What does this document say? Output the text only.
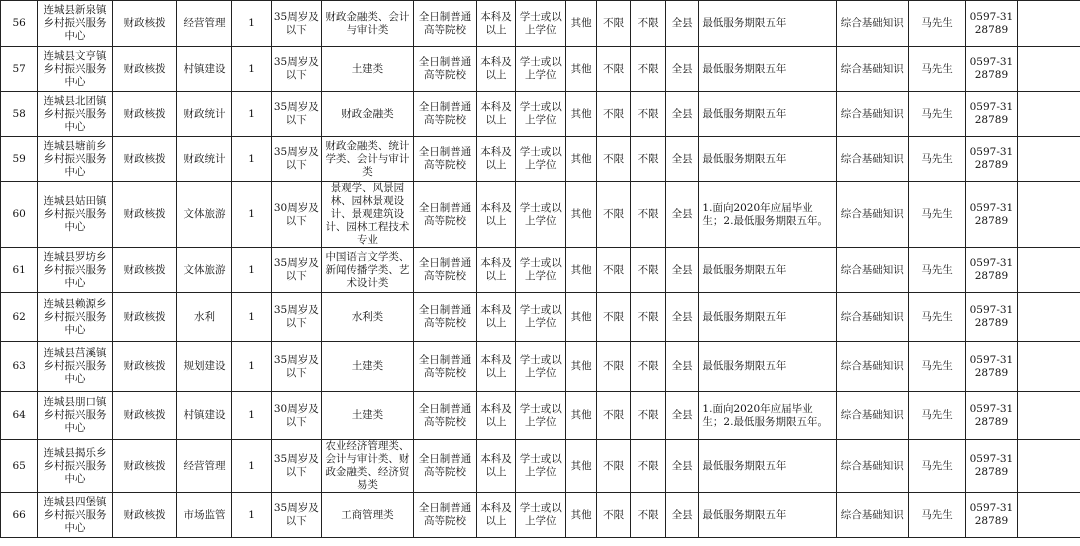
56	连城县新泉镇乡村振兴服务中心	财政核拨	经营管理	1	35周岁及以下	财政金融类、会计与审计类	全日制普通高等院校	本科及以上	学士或以上学位	其他	不限	不限	全县	最低服务期限五年	综合基础知识	马先生	0597-3128789	
57	连城县文亨镇乡村振兴服务中心	财政核拨	村镇建设	1	35周岁及以下	土建类	全日制普通高等院校	本科及以上	学士或以上学位	其他	不限	不限	全县	最低服务期限五年	综合基础知识	马先生	0597-3128789	
58	连城县北团镇乡村振兴服务中心	财政核拨	财政统计	1	35周岁及以下	财政金融类	全日制普通高等院校	本科及以上	学士或以上学位	其他	不限	不限	全县	最低服务期限五年	综合基础知识	马先生	0597-3128789	
59	连城县塘前乡乡村振兴服务中心	财政核拨	财政统计	1	35周岁及以下	财政金融类、统计学类、会计与审计类	全日制普通高等院校	本科及以上	学士或以上学位	其他	不限	不限	全县	最低服务期限五年	综合基础知识	马先生	0597-3128789	
60	连城县姑田镇乡村振兴服务中心	财政核拨	文体旅游	1	30周岁及以下	景观学、风景园林、园林景观设计、景观建筑设计、园林工程技术专业	全日制普通高等院校	本科及以上	学士或以上学位	其他	不限	不限	全县	1.面向2020年应届毕业生；2.最低服务期限五年。	综合基础知识	马先生	0597-3128789	
61	连城县罗坊乡乡村振兴服务中心	财政核拨	文体旅游	1	35周岁及以下	中国语言文学类、新闻传播学类、艺术设计类	全日制普通高等院校	本科及以上	学士或以上学位	其他	不限	不限	全县	最低服务期限五年	综合基础知识	马先生	0597-3128789	
62	连城县赖源乡乡村振兴服务中心	财政核拨	水利	1	35周岁及以下	水利类	全日制普通高等院校	本科及以上	学士或以上学位	其他	不限	不限	全县	最低服务期限五年	综合基础知识	马先生	0597-3128789	
63	连城县莒溪镇乡村振兴服务中心	财政核拨	规划建设	1	35周岁及以下	土建类	全日制普通高等院校	本科及以上	学士或以上学位	其他	不限	不限	全县	最低服务期限五年	综合基础知识	马先生	0597-3128789	
64	连城县朋口镇乡村振兴服务中心	财政核拨	村镇建设	1	30周岁及以下	土建类	全日制普通高等院校	本科及以上	学士或以上学位	其他	不限	不限	全县	1.面向2020年应届毕业生；2.最低服务期限五年。	综合基础知识	马先生	0597-3128789	
65	连城县揭乐乡乡村振兴服务中心	财政核拨	经营管理	1	35周岁及以下	农业经济管理类、会计与审计类、财政金融类、经济贸易类	全日制普通高等院校	本科及以上	学士或以上学位	其他	不限	不限	全县	最低服务期限五年	综合基础知识	马先生	0597-3128789	
66	连城县四堡镇乡村振兴服务中心	财政核拨	市场监管	1	35周岁及以下	工商管理类	全日制普通高等院校	本科及以上	学士或以上学位	其他	不限	不限	全县	最低服务期限五年	综合基础知识	马先生	0597-3128789	
